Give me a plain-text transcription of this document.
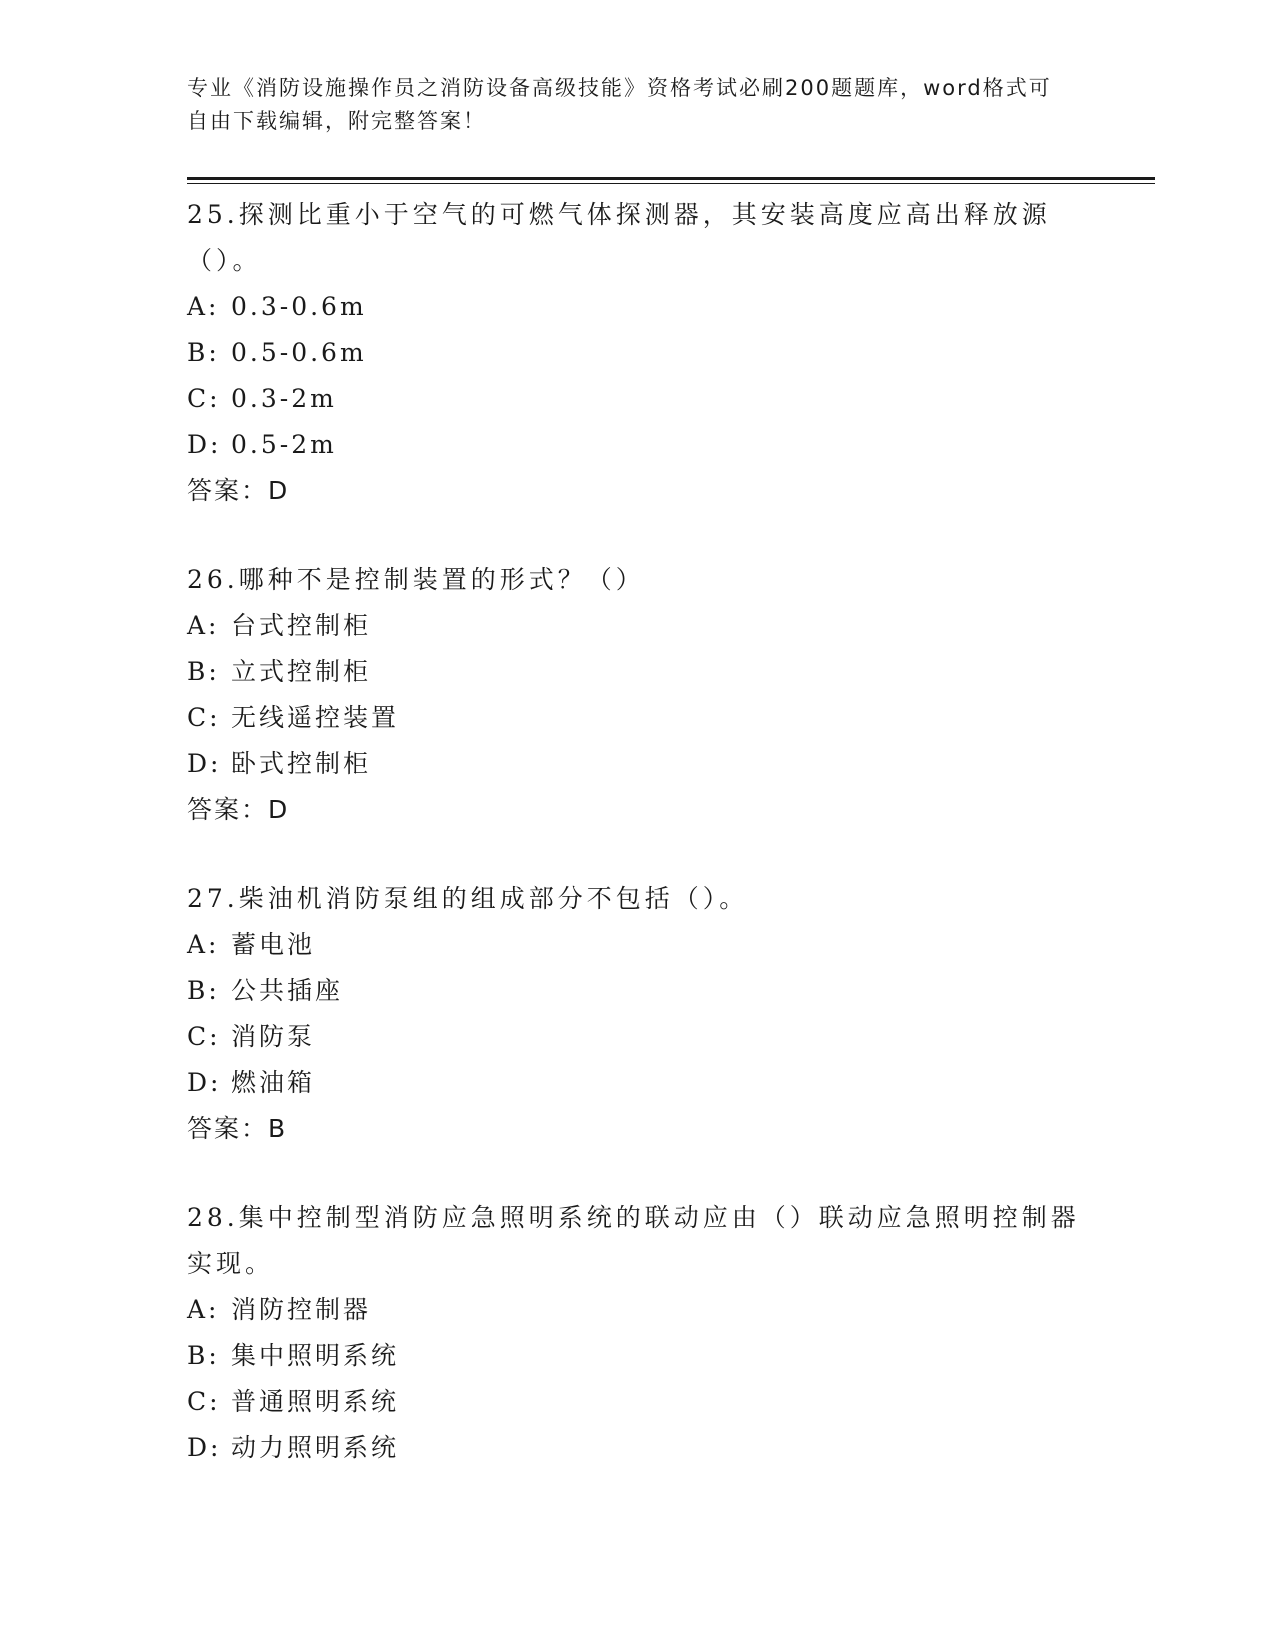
专业《消防设施操作员之消防设备高级技能》资格考试必刷200题题库，word格式可自由下载编辑，附完整答案！

25.探测比重小于空气的可燃气体探测器，其安装高度应高出释放源（）。

A: 0.3-0.6m

B: 0.5-0.6m

C: 0.3-2m

D: 0.5-2m

答案：D

26.哪种不是控制装置的形式？（）

A: 台式控制柜

B: 立式控制柜

C: 无线遥控装置

D: 卧式控制柜

答案：D

27.柴油机消防泵组的组成部分不包括（）。

A: 蓄电池

B: 公共插座

C: 消防泵

D: 燃油箱

答案：B

28.集中控制型消防应急照明系统的联动应由（）联动应急照明控制器实现。

A: 消防控制器

B: 集中照明系统

C: 普通照明系统

D: 动力照明系统
